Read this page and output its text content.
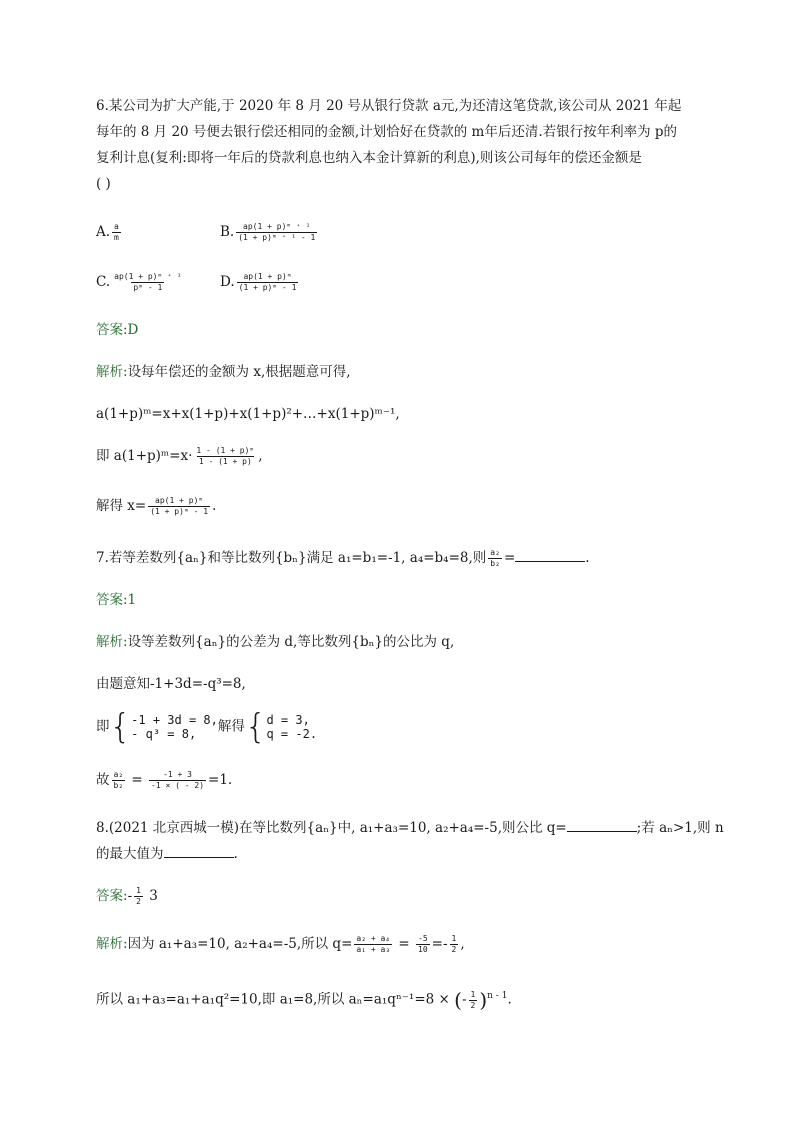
6.某公司为扩大产能,于 2020 年 8 月 20 号从银行贷款 a元,为还清这笔贷款,该公司从 2021 年起
每年的 8 月 20 号便去银行偿还相同的金额,计划恰好在贷款的 m年后还清.若银行按年利率为 p的
复利计息(复利:即将一年后的贷款利息也纳入本金计算新的利息),则该公司每年的偿还金额是
( )
A. $\frac{a}{m}$	B. $\frac{\text{ap(1 + p)ᵐ ⁺ ¹}}{\text{(1 + p)ᵐ ⁺ ¹ - 1}}$
C. $\frac{\text{ap(1 + p)ᵐ ⁺ ¹}}{\text{pᵐ - 1}}$	D. $\frac{\text{ap(1 + p)ᵐ}}{\text{(1 + p)ᵐ - 1}}$
答案:D
解析:设每年偿还的金额为 x,根据题意可得,
a(1+p)ᵐ=x+x(1+p)+x(1+p)²+…+x(1+p)ᵐ⁻¹,
即 a(1+p)ᵐ=x· $\frac{\text{1 - (1 + p)ᵐ}}{1 - (1 + p)}$ ,
解得 $x= \frac{\text{ap(1 + p)ᵐ}}{\text{(1 + p)ᵐ - 1}}$ .
7.若等差数列{aₙ}和等比数列{bₙ}满足 a₁=b₁=-1, a₄=b₄=8,则 $\frac{\text{a₂}}{\text{b₂}}$ =	.
答案:1
解析:设等差数列{aₙ}的公差为 d,等比数列{bₙ}的公比为 q,
由题意知-1+3d=-q³=8,
即{ -1 + 3d = 8,
- q³ = 8,	解得{ d = 3,
q = -2.
故 $\frac{\text{a₂}}{\text{b₂}} = \frac{-1 + 3}{-1 \times ( - 2)} =1$.
8.(2021 北京西城一模)在等比数列{aₙ}中, a₁+a₃=10, a₂+a₄=-5,则公比 q=	;若 aₙ>1,则 n
的最大值为	.
答案:- $\frac{1}{2} 3$
解析:因为 a₁+a₃=10, a₂+a₄=-5,所以 $q= \frac{\text{a₂ + a₄}}{\text{a₁ + a₃}} = \frac{-5}{10} =- \frac{1}{2}$ ,
所以 a₁+a₃=a₁+a₁q²=10,即 a₁=8,所以 aₙ=a₁qⁿ⁻¹=8 × (- $\frac{1}{2} )^{n - 1}$.
